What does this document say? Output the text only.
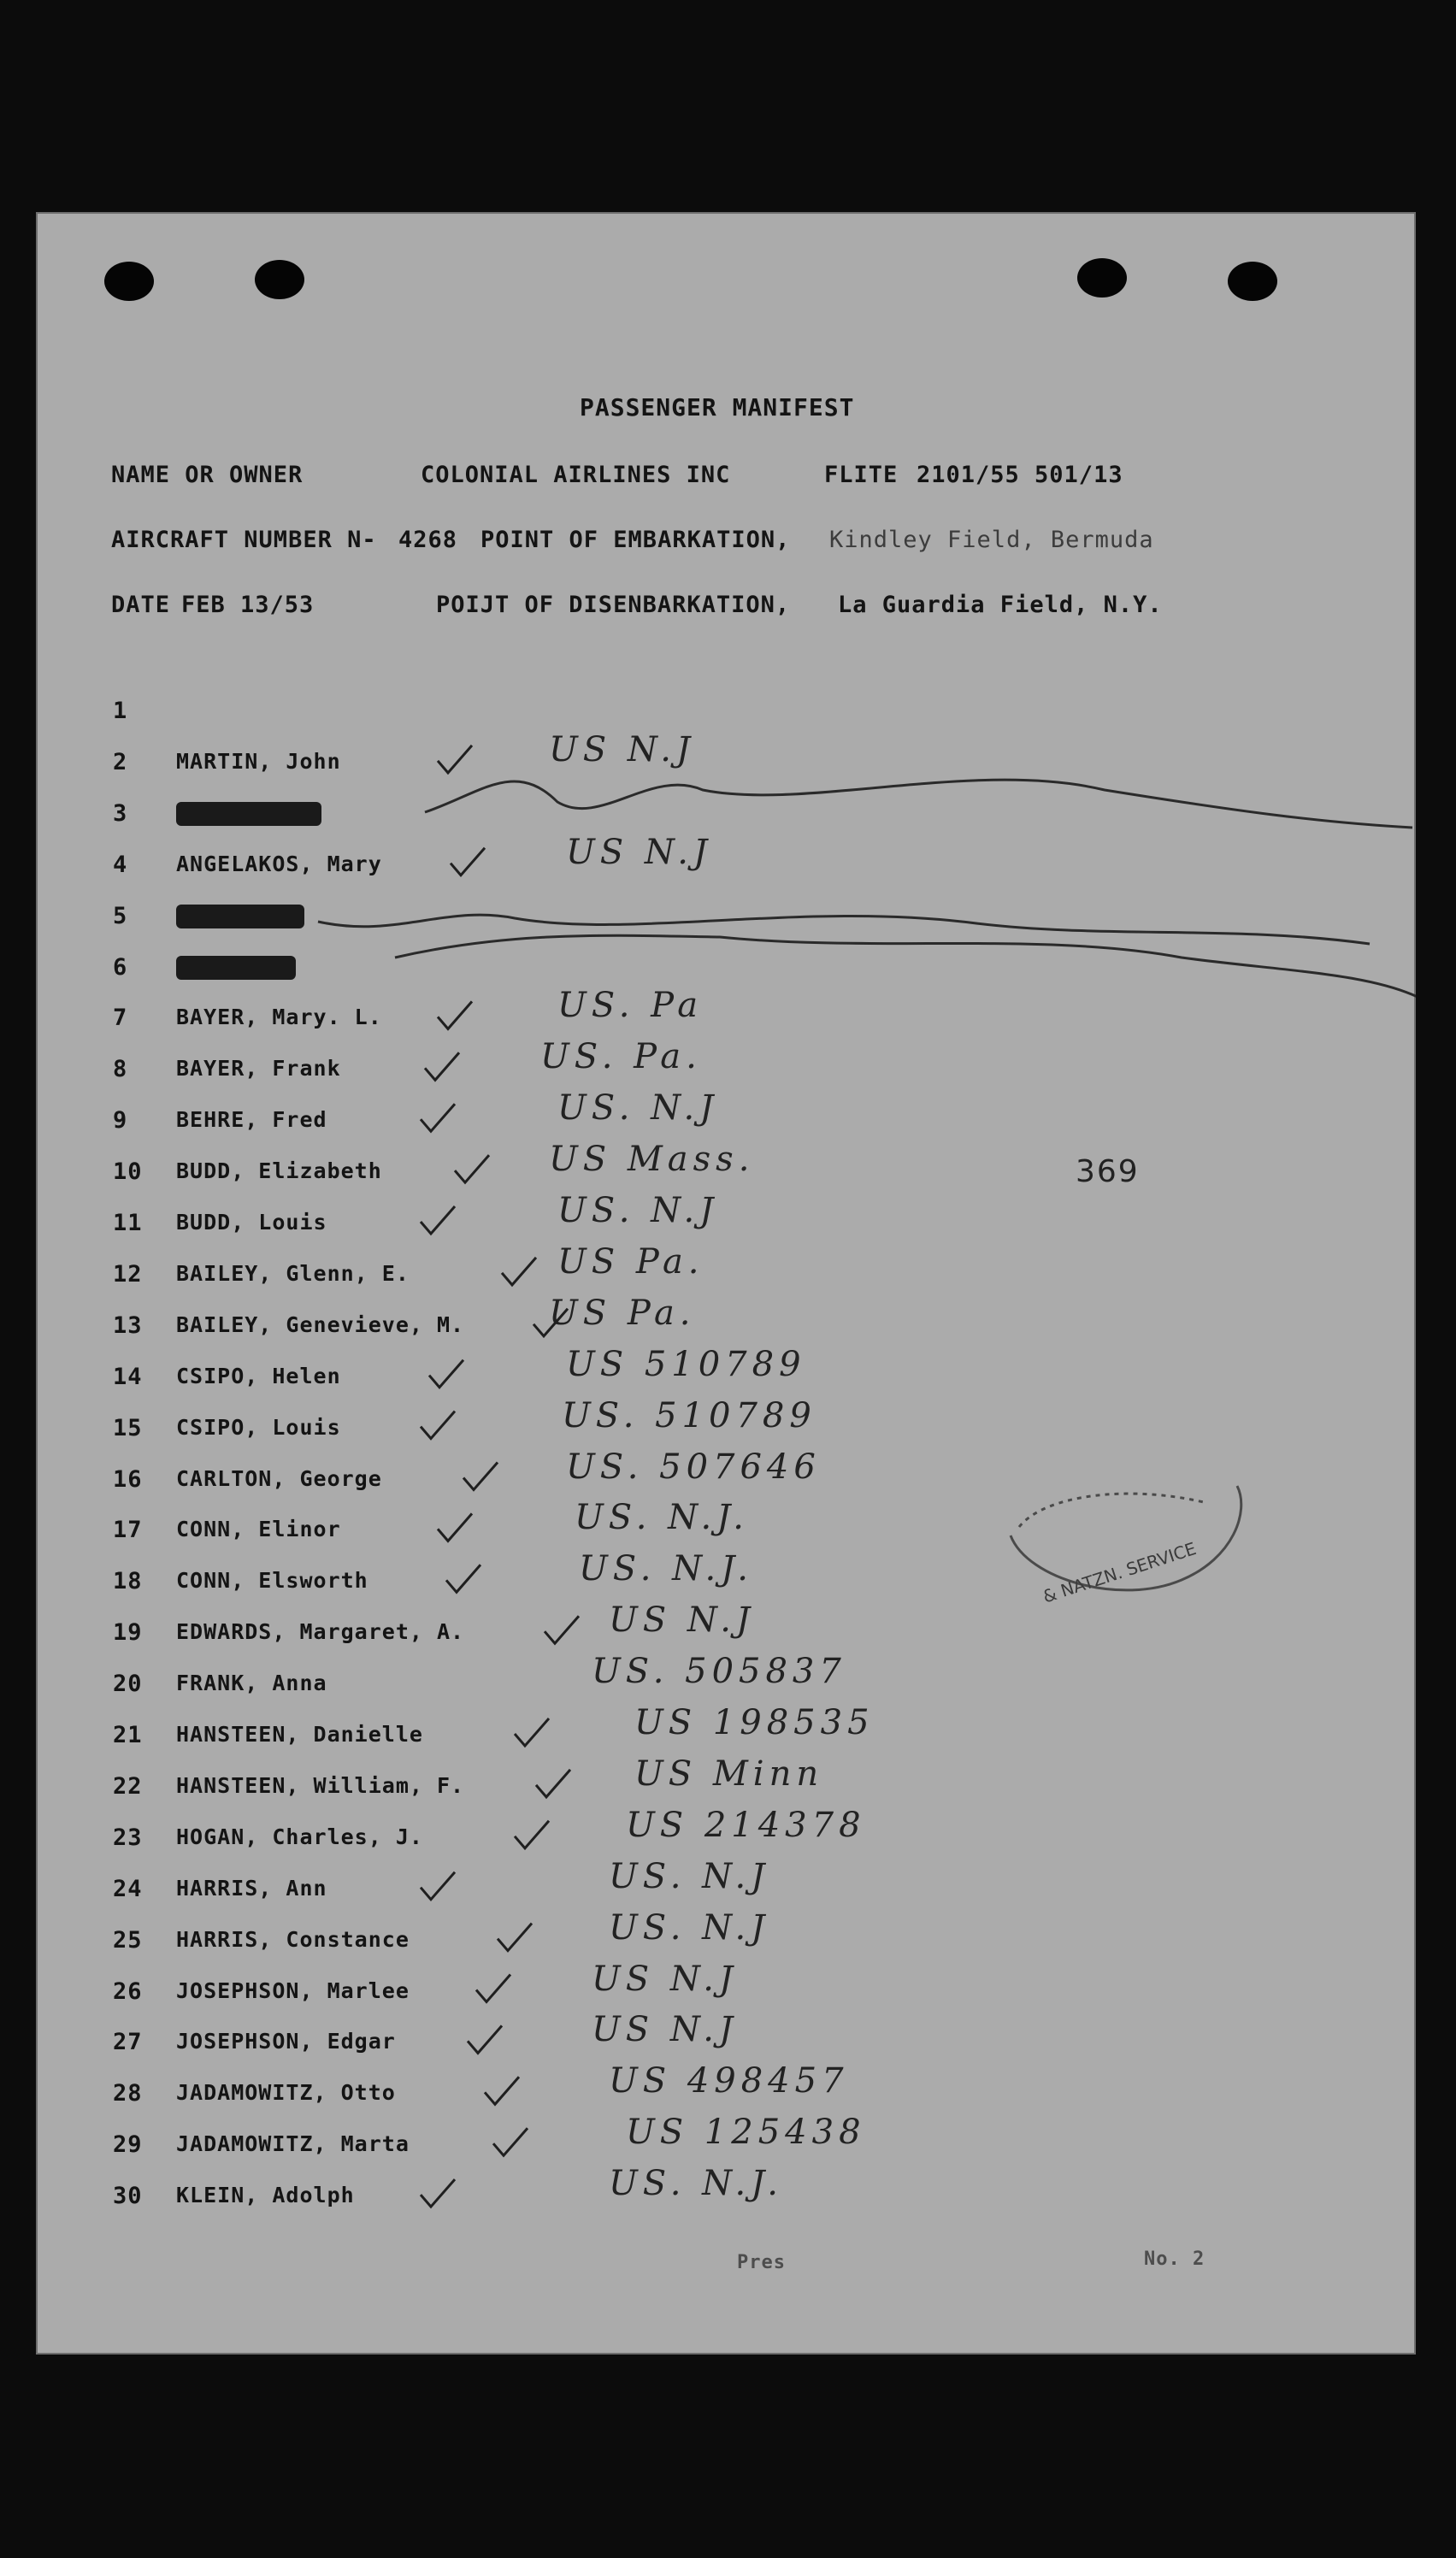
PASSENGER MANIFEST
NAME OR OWNER	COLONIAL AIRLINES INC	FLITE 2101/55 501/13
AIRCRAFT NUMBER N- 4268 POINT OF EMBARKATION, Kindley Field, Bermuda
DATE FEB 13/53	POIJT OF DISENBARKATION, La Guardia Field, N.Y.
1
2	MARTIN, John	US N.J
3
4	ANGELAKOS, Mary	US N.J
5
6
7	BAYER, Mary. L.	US. Pa
8	BAYER, Frank	US. Pa.
9	BEHRE, Fred	US. N.J
10	BUDD, Elizabeth	US Mass.
11	BUDD, Louis	US. N.J
12	BAILEY, Glenn, E.	US Pa.
13	BAILEY, Genevieve, M. US Pa.
14	CSIPO, Helen	US 510789
15	CSIPO, Louis	US. 510789
16	CARLTON, George	US. 507646
17	CONN, Elinor	US. N.J.
18	CONN, Elsworth	US. N.J.
19	EDWARDS, Margaret, A.	US N.J
20	FRANK, Anna	US. 505837
21	HANSTEEN, Danielle	US 198535
22	HANSTEEN, William, F.	US Minn
23	HOGAN, Charles, J.	US 214378
24	HARRIS, Ann	US. N.J
25	HARRIS, Constance	US. N.J
26	JOSEPHSON, Marlee	US N.J
27	JOSEPHSON, Edgar	US N.J
28	JADAMOWITZ, Otto	US 498457
29	JADAMOWITZ, Marta	US 125438
30	KLEIN, Adolph	US. N.J.
369
& NATZN. SERVICE
Pres	No. 2
